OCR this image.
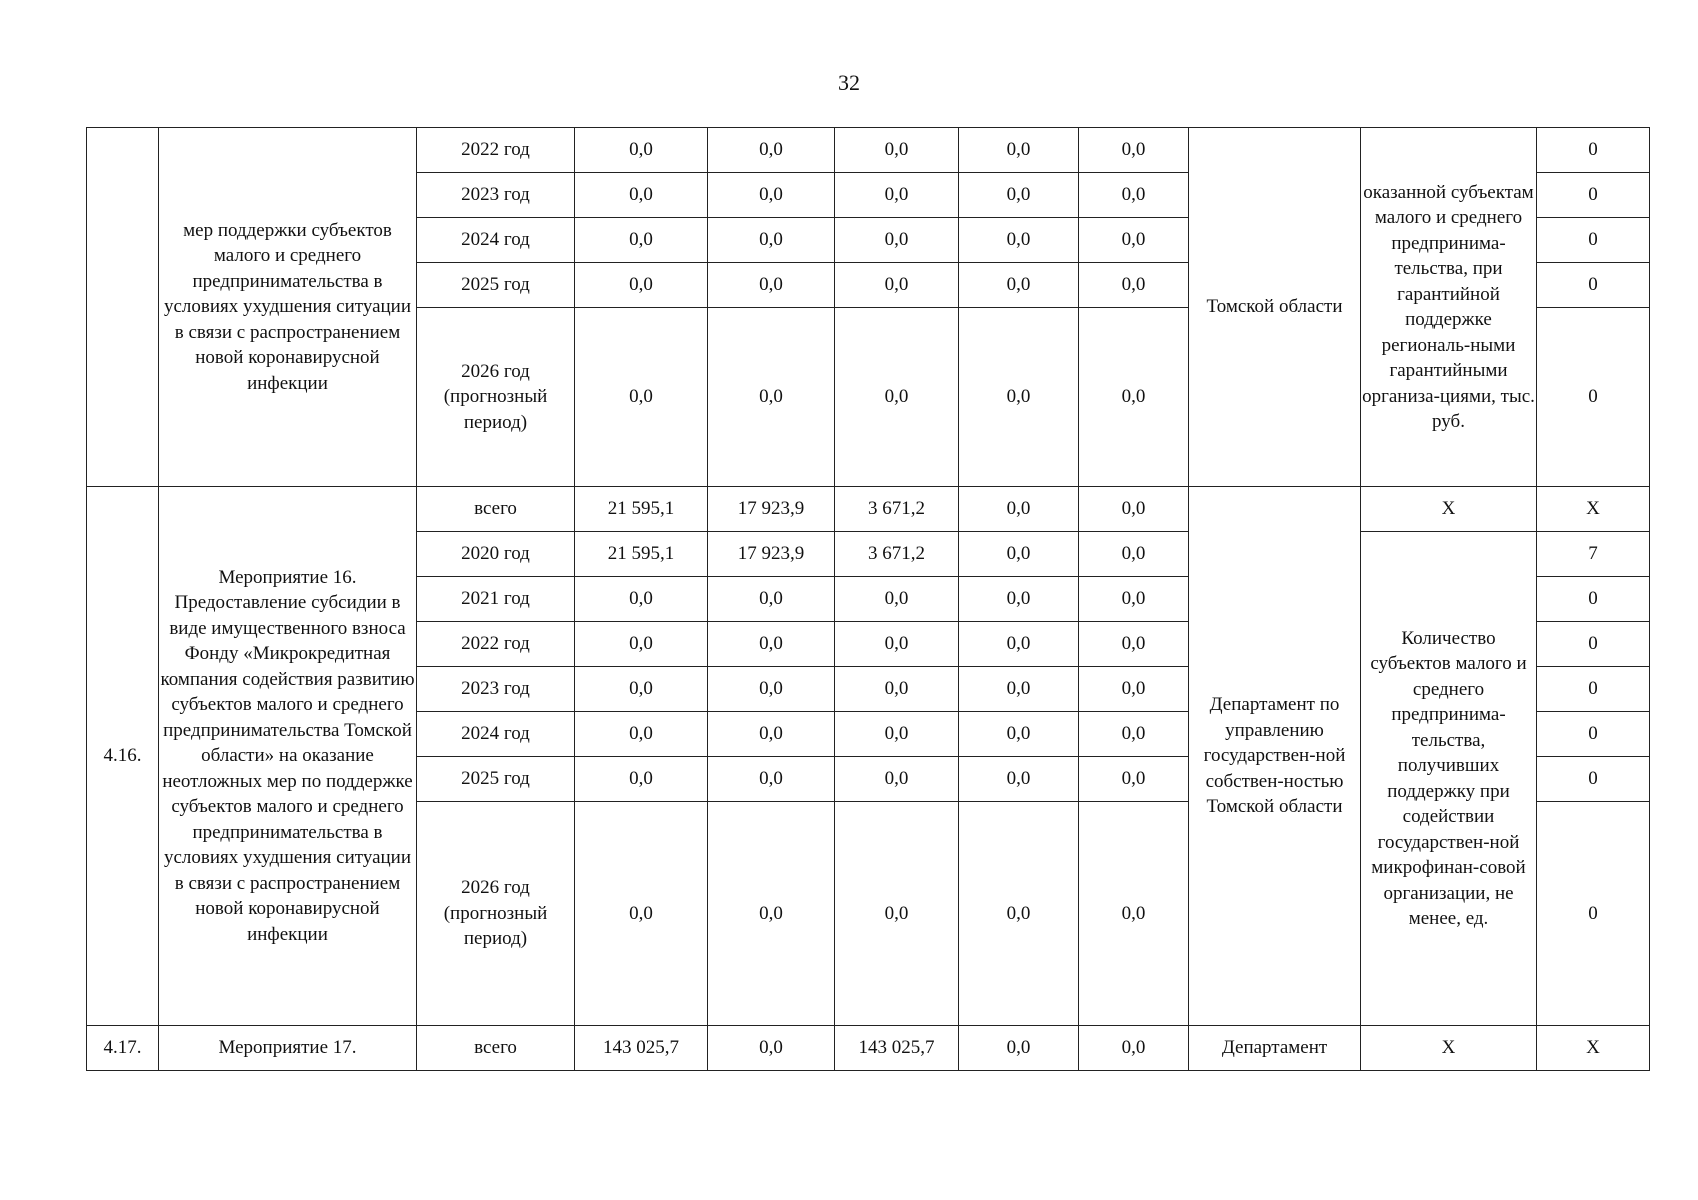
32
	мер поддержки субъектов малого и среднего предпринимательства в условиях ухудшения ситуации в связи с распространением новой коронавирусной инфекции	2022 год	0,0	0,0	0,0	0,0	0,0	Томской области	оказанной субъектам малого и среднего предпринима-тельства, при гарантийной поддержке региональ-ными гарантийными организа-циями, тыс. руб.	0
		2023 год	0,0	0,0	0,0	0,0	0,0			0
		2024 год	0,0	0,0	0,0	0,0	0,0			0
		2025 год	0,0	0,0	0,0	0,0	0,0			0
		2026 год (прогнозный период)	0,0	0,0	0,0	0,0	0,0			0
4.16.	Мероприятие 16. Предоставление субсидии в виде имущественного взноса Фонду «Микрокредитная компания содействия развитию субъектов малого и среднего предпринимательства Томской области» на оказание неотложных мер по поддержке субъектов малого и среднего предпринимательства в условиях ухудшения ситуации в связи с распространением новой коронавирусной инфекции	всего	21 595,1	17 923,9	3 671,2	0,0	0,0	Департамент по управлению государствен-ной собствен-ностью Томской области	X	X
		2020 год	21 595,1	17 923,9	3 671,2	0,0	0,0		Количество субъектов малого и среднего предпринима-тельства, получивших поддержку при содействии государствен-ной микрофинан-совой организации, не менее, ед.	7
		2021 год	0,0	0,0	0,0	0,0	0,0			0
		2022 год	0,0	0,0	0,0	0,0	0,0			0
		2023 год	0,0	0,0	0,0	0,0	0,0			0
		2024 год	0,0	0,0	0,0	0,0	0,0			0
		2025 год	0,0	0,0	0,0	0,0	0,0			0
		2026 год (прогнозный период)	0,0	0,0	0,0	0,0	0,0			0
4.17.	Мероприятие 17.	всего	143 025,7	0,0	143 025,7	0,0	0,0	Департамент	X	X
